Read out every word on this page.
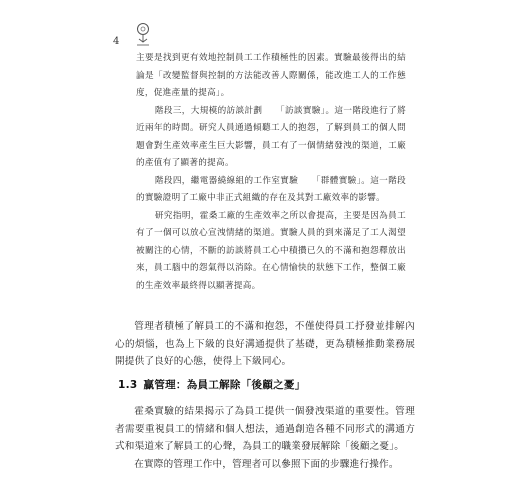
4

主要是找到更有效地控制員工工作積極性的因素。實驗最後得出的結論是「改變監督與控制的方法能改善人際關係，能改進工人的工作態度，促進產量的提高」。

階段三，大規模的訪談計劃　　「訪談實驗」。這一階段進行了將近兩年的時間。研究人員通過傾聽工人的抱怨，了解到員工的個人問題會對生產效率產生巨大影響，員工有了一個情緒發洩的渠道，工廠的產值有了顯著的提高。

階段四，繼電器繞線組的工作室實驗　　「群體實驗」。這一階段的實驗證明了工廠中非正式組織的存在及其對工廠效率的影響。

研究指明，霍桑工廠的生產效率之所以會提高，主要是因為員工有了一個可以放心宣洩情緒的渠道。實驗人員的到來滿足了工人渴望被關注的心情，不斷的訪談將員工心中積攢已久的不滿和抱怨釋放出來，員工腦中的怨氣得以消除。在心情愉快的狀態下工作，整個工廠的生產效率最終得以顯著提高。

管理者積極了解員工的不滿和抱怨，不僅使得員工抒發並排解內心的煩惱，也為上下級的良好溝通提供了基礎，更為積極推動業務展開提供了良好的心態，使得上下級同心。

1.3 贏管理：為員工解除「後顧之憂」

霍桑實驗的結果揭示了為員工提供一個發洩渠道的重要性。管理者需要重視員工的情緒和個人想法，通過創造各種不同形式的溝通方式和渠道來了解員工的心聲，為員工的職業發展解除「後顧之憂」。

在實際的管理工作中，管理者可以參照下面的步驟進行操作。
